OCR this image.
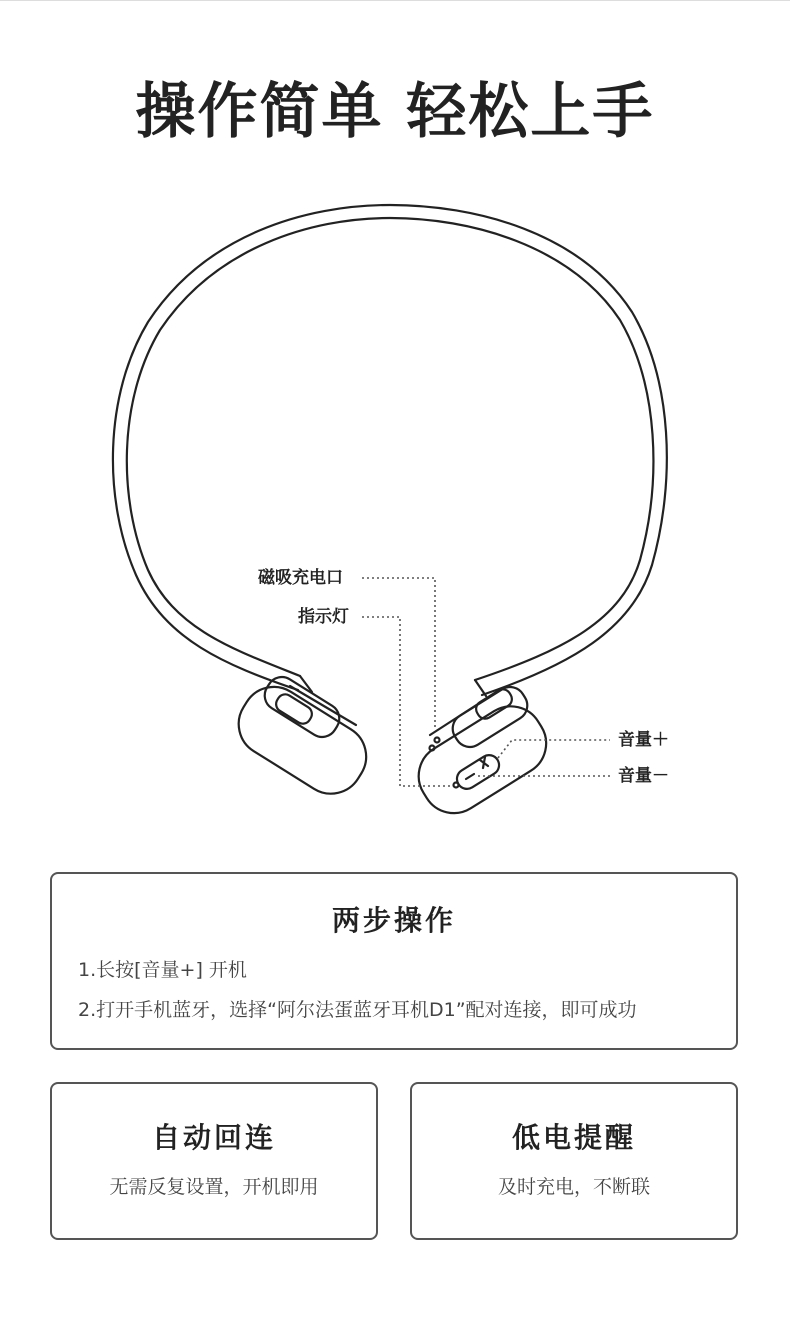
操作简单 轻松上手
磁吸充电口
指示灯
音量＋
音量－
两步操作
1.长按[音量+] 开机
2.打开手机蓝牙，选择“阿尔法蛋蓝牙耳机D1”配对连接，即可成功
自动回连
无需反复设置，开机即用
低电提醒
及时充电，不断联
